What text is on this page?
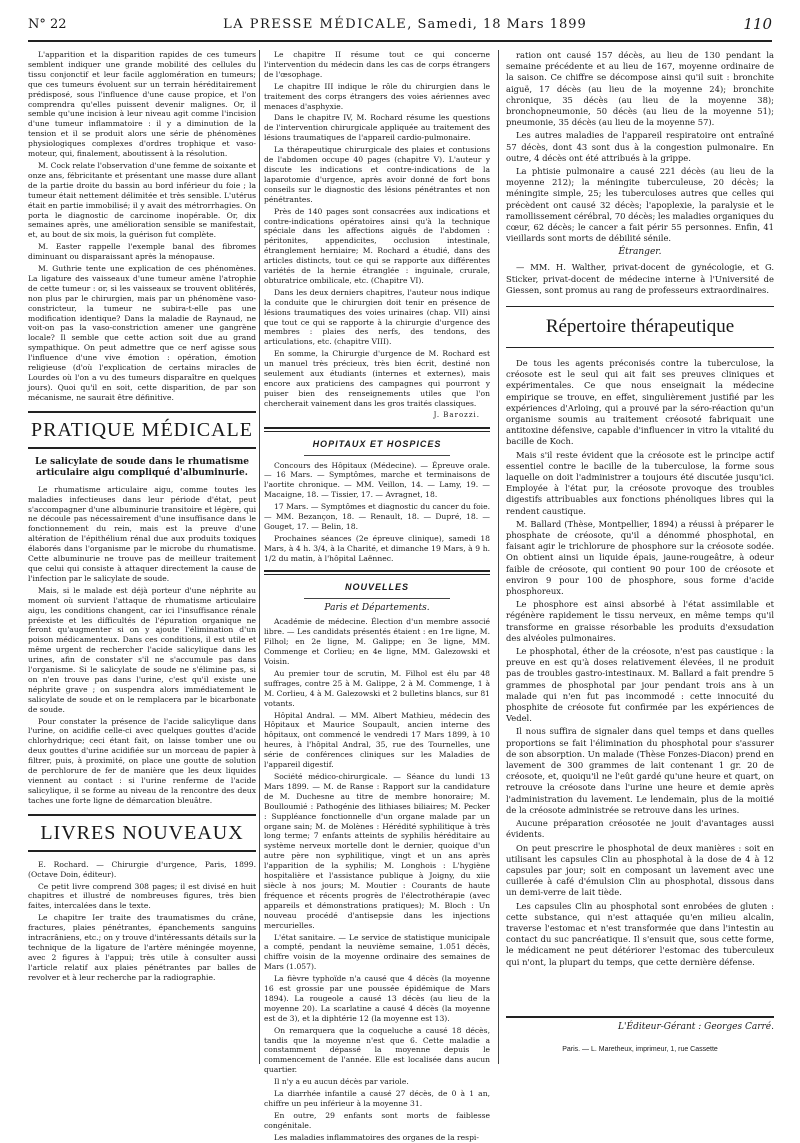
N° 22	LA PRESSE MÉDICALE, Samedi, 18 Mars 1899	110

L'apparition et la disparition rapides de ces tumeurs semblent indiquer une grande mobilité des cellules du tissu conjonctif et leur facile agglomération en tumeurs; que ces tumeurs évoluent sur un terrain héréditairement prédisposé, sous l'influence d'une cause propice, et l'on comprendra qu'elles puissent devenir malignes. Or, il semble qu'une incision à leur niveau agit comme l'incision d'une tumeur inflammatoire : il y a diminution de la tension et il se produit alors une série de phénomènes physiologiques complexes d'ordres trophique et vaso-moteur, qui, finalement, aboutissent à la résolution.

M. Cock relate l'observation d'une femme de soixante et onze ans, fébricitante et présentant une masse dure allant de la partie droite du bassin au bord inférieur du foie ; la tumeur était nettement délimitée et très sensible. L'utérus était en partie immobilisé; il y avait des métrorrhagies. On porta le diagnostic de carcinome inopérable. Or, dix semaines après, une amélioration sensible se manifestait, et, au bout de six mois, la guérison fut complète.

M. Easter rappelle l'exemple banal des fibromes diminuant ou disparaissant après la ménopause.

M. Guthrie tente une explication de ces phénomènes. La ligature des vaisseaux d'une tumeur amène l'atrophie de cette tumeur : or, si les vaisseaux se trouvent oblitérés, non plus par le chirurgien, mais par un phénomène vaso-constricteur, la tumeur ne subira-t-elle pas une modification identique? Dans la maladie de Raynaud, ne voit-on pas la vaso-constriction amener une gangrène locale? Il semble que cette action soit due au grand sympathique. On peut admettre que ce nerf agisse sous l'influence d'une vive émotion : opération, émotion religieuse (d'où l'explication de certains miracles de Lourdes où l'on a vu des tumeurs disparaître en quelques jours). Quoi qu'il en soit, cette disparition, de par son mécanisme, ne saurait être définitive.

PRATIQUE MÉDICALE
Le salicylate de soude dans le rhumatisme articulaire aigu compliqué d'albuminurie.

Le rhumatisme articulaire aigu, comme toutes les maladies infectieuses dans leur période d'état, peut s'accompagner d'une albuminurie transitoire et légère, qui ne découle pas nécessairement d'une insuffisance dans le fonctionnement du rein, mais est la preuve d'une altération de l'épithélium rénal due aux produits toxiques élaborés dans l'organisme par le microbe du rhumatisme. Cette albuminurie ne trouve pas de meilleur traitement que celui qui consiste à attaquer directement la cause de l'infection par le salicylate de soude.

Mais, si le malade est déjà porteur d'une néphrite au moment où survient l'attaque de rhumatisme articulaire aigu, les conditions changent, car ici l'insuffisance rénale préexiste et les difficultés de l'épuration organique ne feront qu'augmenter si on y ajoute l'élimination d'un poison médicamenteux. Dans ces conditions, il est utile et même urgent de rechercher l'acide salicylique dans les urines, afin de constater s'il ne s'accumule pas dans l'organisme. Si le salicylate de soude ne s'élimine pas, si on n'en trouve pas dans l'urine, c'est qu'il existe une néphrite grave ; on suspendra alors immédiatement le salicylate de soude et on le remplacera par le bicarbonate de soude.

Pour constater la présence de l'acide salicylique dans l'urine, on acidifie celle-ci avec quelques gouttes d'acide chlorhydrique; ceci étant fait, on laisse tomber une ou deux gouttes d'urine acidifiée sur un morceau de papier à filtrer, puis, à proximité, on place une goutte de solution de perchlorure de fer de manière que les deux liquides viennent au contact : si l'urine renferme de l'acide salicylique, il se forme au niveau de la rencontre des deux taches une forte ligne de démarcation bleuâtre.

LIVRES NOUVEAUX

E. Rochard. — Chirurgie d'urgence, Paris, 1899. (Octave Doin, éditeur).

Ce petit livre comprend 308 pages; il est divisé en huit chapitres et illustré de nombreuses figures, très bien faites, intercalées dans le texte.

Le chapitre Ier traite des traumatismes du crâne, fractures, plaies pénétrantes, épanchements sanguins intracrâniens, etc.; on y trouve d'intéressants détails sur la technique de la ligature de l'artère méningée moyenne, avec 2 figures à l'appui; très utile à consulter aussi l'article relatif aux plaies pénétrantes par balles de revolver et à leur recherche par la radiographie.

Le chapitre II résume tout ce qui concerne l'intervention du médecin dans les cas de corps étrangers de l'œsophage.

Le chapitre III indique le rôle du chirurgien dans le traitement des corps étrangers des voies aériennes avec menaces d'asphyxie.

Dans le chapitre IV, M. Rochard résume les questions de l'intervention chirurgicale appliquée au traitement des lésions traumatiques de l'appareil cardio-pulmonaire.

La thérapeutique chirurgicale des plaies et contusions de l'abdomen occupe 40 pages (chapitre V). L'auteur y discute les indications et contre-indications de la laparotomie d'urgence, après avoir donné de fort bons conseils sur le diagnostic des lésions pénétrantes et non pénétrantes.

Près de 140 pages sont consacrées aux indications et contre-indications opératoires ainsi qu'à la technique spéciale dans les affections aiguës de l'abdomen : péritonites, appendicites, occlusion intestinale, étranglement herniaire; M. Rochard a étudié, dans des articles distincts, tout ce qui se rapporte aux différentes variétés de la hernie étranglée : inguinale, crurale, obturatrice ombilicale, etc. (Chapitre VI).

Dans les deux derniers chapitres, l'auteur nous indique la conduite que le chirurgien doit tenir en présence de lésions traumatiques des voies urinaires (chap. VII) ainsi que tout ce qui se rapporte à la chirurgie d'urgence des membres : plaies des nerfs, des tendons, des articulations, etc. (chapitre VIII).

En somme, la Chirurgie d'urgence de M. Rochard est un manuel très précieux, très bien écrit, destiné non seulement aux étudiants (internes et externes), mais encore aux praticiens des campagnes qui pourront y puiser bien des renseignements utiles que l'on chercherait vainement dans les gros traités classiques.

J. Barozzi.
HOPITAUX ET HOSPICES

Concours des Hôpitaux (Médecine). — Épreuve orale. — 16 Mars. — Symptômes, marche et terminaisons de l'aortite chronique. — MM. Veillon, 14. — Lamy, 19. — Macaigne, 18. — Tissier, 17. — Avragnet, 18.

17 Mars. — Symptômes et diagnostic du cancer du foie. — MM. Bezançon, 18. — Renault, 18. — Dupré, 18. — Gouget, 17. — Belin, 18.

Prochaines séances (2e épreuve clinique), samedi 18 Mars, à 4 h. 3/4, à la Charité, et dimanche 19 Mars, à 9 h. 1/2 du matin, à l'hôpital Laënnec.

NOUVELLES
Paris et Départements.

Académie de médecine. Élection d'un membre associé libre. — Les candidats présentés étaient : en 1re ligne, M. Filhol; en 2e ligne, M. Galippe; en 3e ligne, MM. Commenge et Corlieu; en 4e ligne, MM. Galezowski et Voisin.

Au premier tour de scrutin, M. Filhol est élu par 48 suffrages, contre 25 à M. Galippe, 2 à M. Commenge, 1 à M. Corlieu, 4 à M. Galezowski et 2 bulletins blancs, sur 81 votants.

Hôpital Andral. — MM. Albert Mathieu, médecin des Hôpitaux et Maurice Soupault, ancien interne des hôpitaux, ont commencé le vendredi 17 Mars 1899, à 10 heures, à l'hôpital Andral, 35, rue des Tournelles, une série de conférences cliniques sur les Maladies de l'appareil digestif.

Société médico-chirurgicale. — Séance du lundi 13 Mars 1899. — M. de Ranse : Rapport sur la candidature de M. Duchesne au titre de membre honoraire; M. Boulloumié : Pathogénie des lithiases biliaires; M. Pecker : Suppléance fonctionnelle d'un organe malade par un organe sain; M. de Molènes : Hérédité syphilitique à très long terme; 7 enfants atteints de syphilis héréditaire au système nerveux mortelle dont le dernier, quoique d'un autre père non syphilitique, vingt et un ans après l'apparition de la syphilis; M. Longhois : L'hygiène hospitalière et l'assistance publique à Joigny, du xiie siècle à nos jours; M. Moutier : Courants de haute fréquence et récents progrès de l'électrothérapie (avec appareils et démonstrations pratiques); M. Bloch : Un nouveau procédé d'antisepsie dans les injections mercurielles.

L'état sanitaire. — Le service de statistique municipale a compté, pendant la neuvième semaine, 1.051 décès, chiffre voisin de la moyenne ordinaire des semaines de Mars (1.057).

La fièvre typhoïde n'a causé que 4 décès (la moyenne 16 est grossie par une poussée épidémique de Mars 1894). La rougeole a causé 13 décès (au lieu de la moyenne 20). La scarlatine a causé 4 décès (la moyenne est de 3), et la diphtérie 12 (la moyenne est 13).

On remarquera que la coqueluche a causé 18 décès, tandis que la moyenne n'est que 6. Cette maladie a constamment dépassé la moyenne depuis le commencement de l'année. Elle est localisée dans aucun quartier.

Il n'y a eu aucun décès par variole.

La diarrhée infantile a causé 27 décès, de 0 à 1 an, chiffre un peu inférieur à la moyenne 31.

En outre, 29 enfants sont morts de faiblesse congénitale.

Les maladies inflammatoires des organes de la respi-

ration ont causé 157 décès, au lieu de 130 pendant la semaine précédente et au lieu de 167, moyenne ordinaire de la saison. Ce chiffre se décompose ainsi qu'il suit : bronchite aiguë, 17 décès (au lieu de la moyenne 24); bronchite chronique, 35 décès (au lieu de la moyenne 38); bronchopneumonie, 50 décès (au lieu de la moyenne 51); pneumonie, 35 décès (au lieu de la moyenne 57).

Les autres maladies de l'appareil respiratoire ont entraîné 57 décès, dont 43 sont dus à la congestion pulmonaire. En outre, 4 décès ont été attribués à la grippe.

La phtisie pulmonaire a causé 221 décès (au lieu de la moyenne 212); la méningite tuberculeuse, 20 décès; la méningite simple, 25; les tuberculoses autres que celles qui précèdent ont causé 32 décès; l'apoplexie, la paralysie et le ramollissement cérébral, 70 décès; les maladies organiques du cœur, 62 décès; le cancer a fait périr 55 personnes. Enfin, 41 vieillards sont morts de débilité sénile.

Étranger.

— MM. H. Walther, privat-docent de gynécologie, et G. Sticker, privat-docent de médecine interne à l'Université de Giessen, sont promus au rang de professeurs extraordinaires.

Répertoire thérapeutique

De tous les agents préconisés contre la tuberculose, la créosote est le seul qui ait fait ses preuves cliniques et expérimentales. Ce que nous enseignait la médecine empirique se trouve, en effet, singulièrement justifié par les expériences d'Arloing, qui a prouvé par la séro-réaction qu'un organisme soumis au traitement créosoté fabriquait une antitoxine défensive, capable d'influencer in vitro la vitalité du bacille de Koch.

Mais s'il reste évident que la créosote est le principe actif essentiel contre le bacille de la tuberculose, la forme sous laquelle on doit l'administrer a toujours été discutée jusqu'ici. Employée à l'état pur, la créosote provoque des troubles digestifs attribuables aux fonctions phénoliques libres qui la rendent caustique.

M. Ballard (Thèse, Montpellier, 1894) a réussi à préparer le phosphate de créosote, qu'il a dénommé phosphotal, en faisant agir le trichlorure de phosphore sur la créosote sodée. On obtient ainsi un liquide épais, jaune-rougeâtre, à odeur faible de créosote, qui contient 90 pour 100 de créosote et environ 9 pour 100 de phosphore, sous forme d'acide phosphoreux.

Le phosphore est ainsi absorbé à l'état assimilable et régénère rapidement le tissu nerveux, en même temps qu'il transforme en graisse résorbable les produits d'exsudation des alvéoles pulmonaires.

Le phosphotal, éther de la créosote, n'est pas caustique : la preuve en est qu'à doses relativement élevées, il ne produit pas de troubles gastro-intestinaux. M. Ballard a fait prendre 5 grammes de phosphotal par jour pendant trois ans à un malade qui n'en fut pas incommodé : cette innocuité du phosphite de créosote fut confirmée par les expériences de Vedel.

Il nous suffira de signaler dans quel temps et dans quelles proportions se fait l'élimination du phosphotal pour s'assurer de son absorption. Un malade (Thèse Fonzes-Diacon) prend en lavement de 300 grammes de lait contenant 1 gr. 20 de créosote, et, quoiqu'il ne l'eût gardé qu'une heure et quart, on retrouve la créosote dans l'urine une heure et demie après l'administration du lavement. Le lendemain, plus de la moitié de la créosote administrée se retrouve dans les urines.

Aucune préparation créosotée ne jouit d'avantages aussi évidents.

On peut prescrire le phosphotal de deux manières : soit en utilisant les capsules Clin au phosphotal à la dose de 4 à 12 capsules par jour; soit en composant un lavement avec une cuillerée à café d'émulsion Clin au phosphotal, dissous dans un demi-verre de lait tiède.

Les capsules Clin au phosphotal sont enrobées de gluten : cette substance, qui n'est attaquée qu'en milieu alcalin, traverse l'estomac et n'est transformée que dans l'intestin au contact du suc pancréatique. Il s'ensuit que, sous cette forme, le médicament ne peut détériorer l'estomac des tuberculeux qui n'ont, la plupart du temps, que cette dernière défense.

L'Éditeur-Gérant : Georges Carré.
Paris. — L. Maretheux, imprimeur, 1, rue Cassette
